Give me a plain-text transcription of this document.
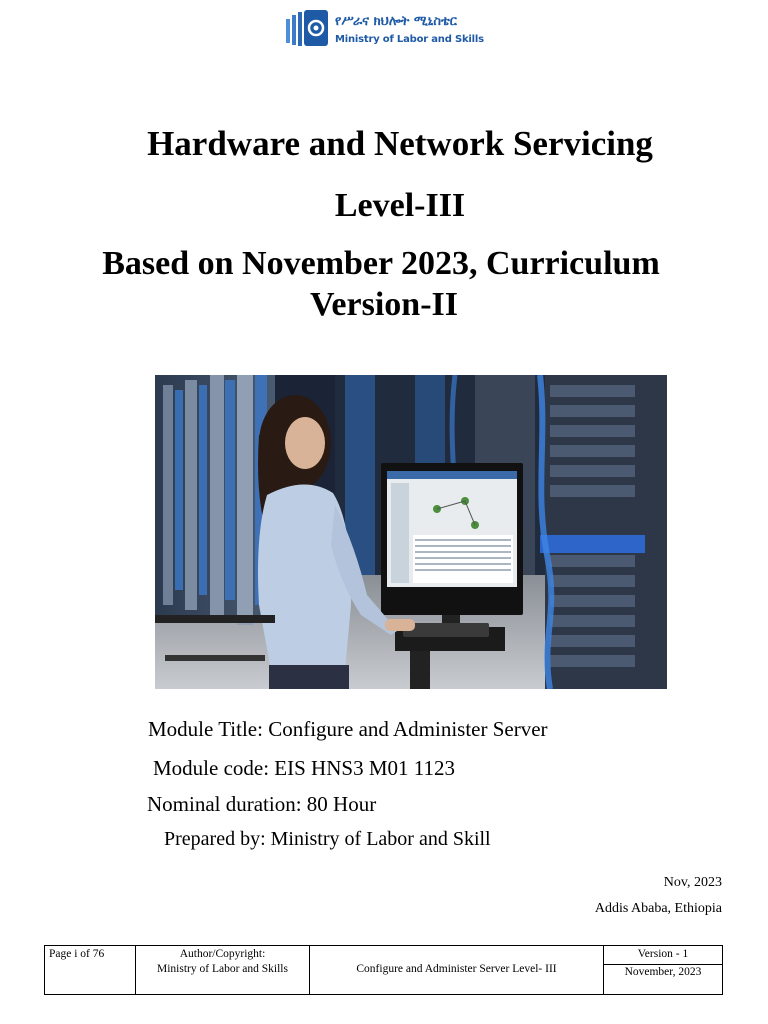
የሥራና ክህሎት ሚኒስቴር
Ministry of Labor and Skills
Hardware and Network Servicing
Level-III
Based on November 2023, Curriculum
Version-II
Module Title: Configure and Administer Server
Module code: EIS HNS3 M01 1123
Nominal duration: 80 Hour
Prepared by: Ministry of Labor and Skill
Nov, 2023
Addis Ababa, Ethiopia
Page i of 76	Author/Copyright:
Ministry of Labor and Skills	Configure and Administer Server Level- III
Version - 1
November, 2023
